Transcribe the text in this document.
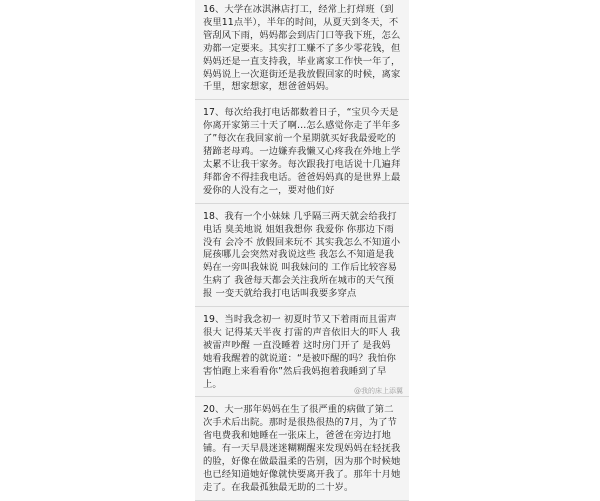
16、大学在冰淇淋店打工，经常上打烊班（到夜里11点半），半年的时间，从夏天到冬天，不管刮风下雨，妈妈都会到店门口等我下班，怎么劝都一定要来。其实打工赚不了多少零花钱，但妈妈还是一直支持我，毕业离家工作快一年了，妈妈说上一次逛街还是我放假回家的时候，离家千里，想家想家，想爸爸妈妈。

17、每次给我打电话都数着日子，“宝贝今天是你离开家第三十天了啊…怎么感觉你走了半年多了”每次在我回家前一个星期就买好我最爱吃的猪蹄老母鸡。一边嫌弃我懒又心疼我在外地上学太累不让我干家务。每次跟我打电话说十几遍拜拜都舍不得挂我电话。爸爸妈妈真的是世界上最爱你的人没有之一，要对他们好

18、我有一个小妹妹 几乎隔三两天就会给我打电话 臭美地说 姐姐我想你 我爱你 你那边下雨没有 会冷不 放假回来玩不 其实我怎么不知道小屁孩哪儿会突然对我说这些 我怎么不知道是我妈在一旁叫我妹说 叫我妹问的 工作后比较容易生病了 我爸每天都会关注我所在城市的天气预报 一变天就给我打电话叫我要多穿点

19、当时我念初一 初夏时节又下着雨而且雷声很大 记得某天半夜 打雷的声音依旧大的吓人 我被雷声吵醒 一直没睡着 这时房门开了 是我妈 她看我醒着的就说道：“是被吓醒的吗？我怕你害怕跑上来看看你”然后我妈抱着我睡到了早上。

20、大一那年妈妈在生了很严重的病做了第二次手术后出院。那时是很热很热的7月，为了节省电费我和她睡在一张床上，爸爸在旁边打地铺。有一天早晨迷迷糊糊醒来发现妈妈在轻抚我的脸，好像在做最温柔的告别，因为那个时候她也已经知道她好像就快要离开我了。那年十月她走了。在我最孤独最无助的二十岁。

@我的床上添翼
